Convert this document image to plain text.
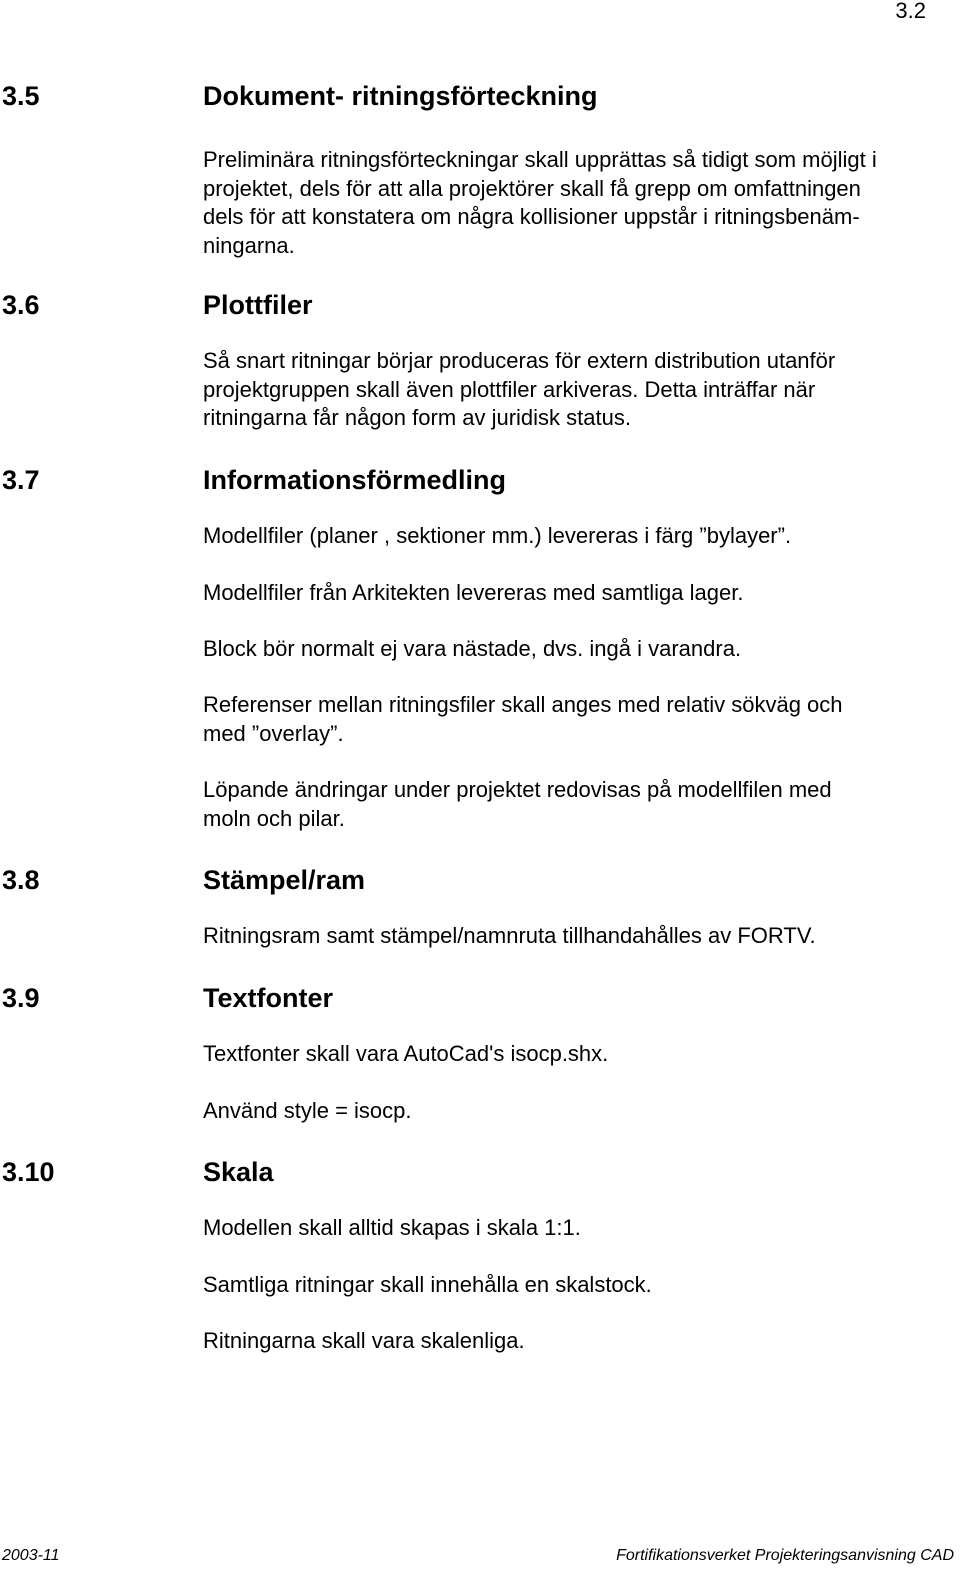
3.2
3.5	Dokument- ritningsförteckning

Preliminära ritningsförteckningar skall upprättas så tidigt som möjligt i
projektet, dels för att alla projektörer skall få grepp om omfattningen
dels för att konstatera om några kollisioner uppstår i ritningsbenäm-
ningarna.

3.6	Plottfiler

Så snart ritningar börjar produceras för extern distribution utanför
projektgruppen skall även plottfiler arkiveras. Detta inträffar när
ritningarna får någon form av juridisk status.

3.7	Informationsförmedling

Modellfiler (planer , sektioner mm.) levereras i färg ”bylayer”.

Modellfiler från Arkitekten levereras med samtliga lager.

Block bör normalt ej vara nästade, dvs. ingå i varandra.

Referenser mellan ritningsfiler skall anges med relativ sökväg och
med ”overlay”.

Löpande ändringar under projektet redovisas på modellfilen med
moln och pilar.

3.8	Stämpel/ram

Ritningsram samt stämpel/namnruta tillhandahålles av FORTV.

3.9	Textfonter

Textfonter skall vara AutoCad's isocp.shx.

Använd style = isocp.

3.10	Skala

Modellen skall alltid skapas i skala 1:1.

Samtliga ritningar skall innehålla en skalstock.

Ritningarna skall vara skalenliga.

2003-11	Fortifikationsverket Projekteringsanvisning CAD
